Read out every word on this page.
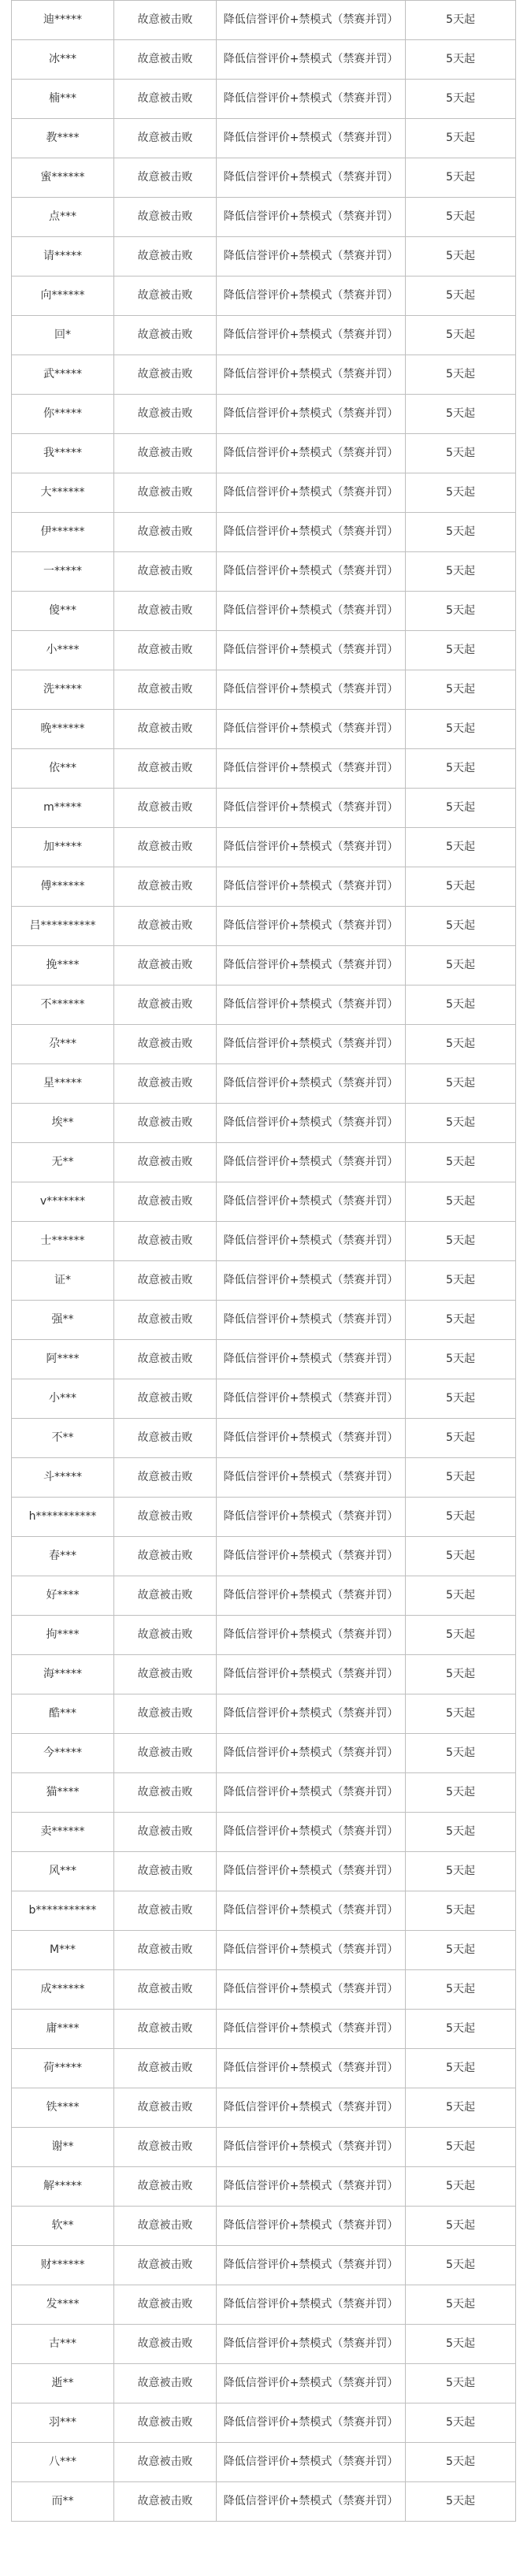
迪*****	故意被击败	降低信誉评价+禁模式（禁赛并罚）	5天起
冰***	故意被击败	降低信誉评价+禁模式（禁赛并罚）	5天起
楠***	故意被击败	降低信誉评价+禁模式（禁赛并罚）	5天起
教****	故意被击败	降低信誉评价+禁模式（禁赛并罚）	5天起
蜜******	故意被击败	降低信誉评价+禁模式（禁赛并罚）	5天起
点***	故意被击败	降低信誉评价+禁模式（禁赛并罚）	5天起
请*****	故意被击败	降低信誉评价+禁模式（禁赛并罚）	5天起
向******	故意被击败	降低信誉评价+禁模式（禁赛并罚）	5天起
回*	故意被击败	降低信誉评价+禁模式（禁赛并罚）	5天起
武*****	故意被击败	降低信誉评价+禁模式（禁赛并罚）	5天起
你*****	故意被击败	降低信誉评价+禁模式（禁赛并罚）	5天起
我*****	故意被击败	降低信誉评价+禁模式（禁赛并罚）	5天起
大******	故意被击败	降低信誉评价+禁模式（禁赛并罚）	5天起
伊******	故意被击败	降低信誉评价+禁模式（禁赛并罚）	5天起
一*****	故意被击败	降低信誉评价+禁模式（禁赛并罚）	5天起
傻***	故意被击败	降低信誉评价+禁模式（禁赛并罚）	5天起
小****	故意被击败	降低信誉评价+禁模式（禁赛并罚）	5天起
洗*****	故意被击败	降低信誉评价+禁模式（禁赛并罚）	5天起
晚******	故意被击败	降低信誉评价+禁模式（禁赛并罚）	5天起
依***	故意被击败	降低信誉评价+禁模式（禁赛并罚）	5天起
m*****	故意被击败	降低信誉评价+禁模式（禁赛并罚）	5天起
加*****	故意被击败	降低信誉评价+禁模式（禁赛并罚）	5天起
傅******	故意被击败	降低信誉评价+禁模式（禁赛并罚）	5天起
吕**********	故意被击败	降低信誉评价+禁模式（禁赛并罚）	5天起
挽****	故意被击败	降低信誉评价+禁模式（禁赛并罚）	5天起
不******	故意被击败	降低信誉评价+禁模式（禁赛并罚）	5天起
尕***	故意被击败	降低信誉评价+禁模式（禁赛并罚）	5天起
星*****	故意被击败	降低信誉评价+禁模式（禁赛并罚）	5天起
埃**	故意被击败	降低信誉评价+禁模式（禁赛并罚）	5天起
无**	故意被击败	降低信誉评价+禁模式（禁赛并罚）	5天起
v*******	故意被击败	降低信誉评价+禁模式（禁赛并罚）	5天起
士******	故意被击败	降低信誉评价+禁模式（禁赛并罚）	5天起
证*	故意被击败	降低信誉评价+禁模式（禁赛并罚）	5天起
强**	故意被击败	降低信誉评价+禁模式（禁赛并罚）	5天起
阿****	故意被击败	降低信誉评价+禁模式（禁赛并罚）	5天起
小***	故意被击败	降低信誉评价+禁模式（禁赛并罚）	5天起
不**	故意被击败	降低信誉评价+禁模式（禁赛并罚）	5天起
斗*****	故意被击败	降低信誉评价+禁模式（禁赛并罚）	5天起
h***********	故意被击败	降低信誉评价+禁模式（禁赛并罚）	5天起
春***	故意被击败	降低信誉评价+禁模式（禁赛并罚）	5天起
好****	故意被击败	降低信誉评价+禁模式（禁赛并罚）	5天起
拘****	故意被击败	降低信誉评价+禁模式（禁赛并罚）	5天起
海*****	故意被击败	降低信誉评价+禁模式（禁赛并罚）	5天起
酷***	故意被击败	降低信誉评价+禁模式（禁赛并罚）	5天起
今*****	故意被击败	降低信誉评价+禁模式（禁赛并罚）	5天起
猫****	故意被击败	降低信誉评价+禁模式（禁赛并罚）	5天起
卖******	故意被击败	降低信誉评价+禁模式（禁赛并罚）	5天起
风***	故意被击败	降低信誉评价+禁模式（禁赛并罚）	5天起
b***********	故意被击败	降低信誉评价+禁模式（禁赛并罚）	5天起
M***	故意被击败	降低信誉评价+禁模式（禁赛并罚）	5天起
成******	故意被击败	降低信誉评价+禁模式（禁赛并罚）	5天起
庸****	故意被击败	降低信誉评价+禁模式（禁赛并罚）	5天起
荷*****	故意被击败	降低信誉评价+禁模式（禁赛并罚）	5天起
铁****	故意被击败	降低信誉评价+禁模式（禁赛并罚）	5天起
谢**	故意被击败	降低信誉评价+禁模式（禁赛并罚）	5天起
解*****	故意被击败	降低信誉评价+禁模式（禁赛并罚）	5天起
软**	故意被击败	降低信誉评价+禁模式（禁赛并罚）	5天起
财******	故意被击败	降低信誉评价+禁模式（禁赛并罚）	5天起
发****	故意被击败	降低信誉评价+禁模式（禁赛并罚）	5天起
古***	故意被击败	降低信誉评价+禁模式（禁赛并罚）	5天起
逝**	故意被击败	降低信誉评价+禁模式（禁赛并罚）	5天起
羽***	故意被击败	降低信誉评价+禁模式（禁赛并罚）	5天起
八***	故意被击败	降低信誉评价+禁模式（禁赛并罚）	5天起
而**	故意被击败	降低信誉评价+禁模式（禁赛并罚）	5天起
